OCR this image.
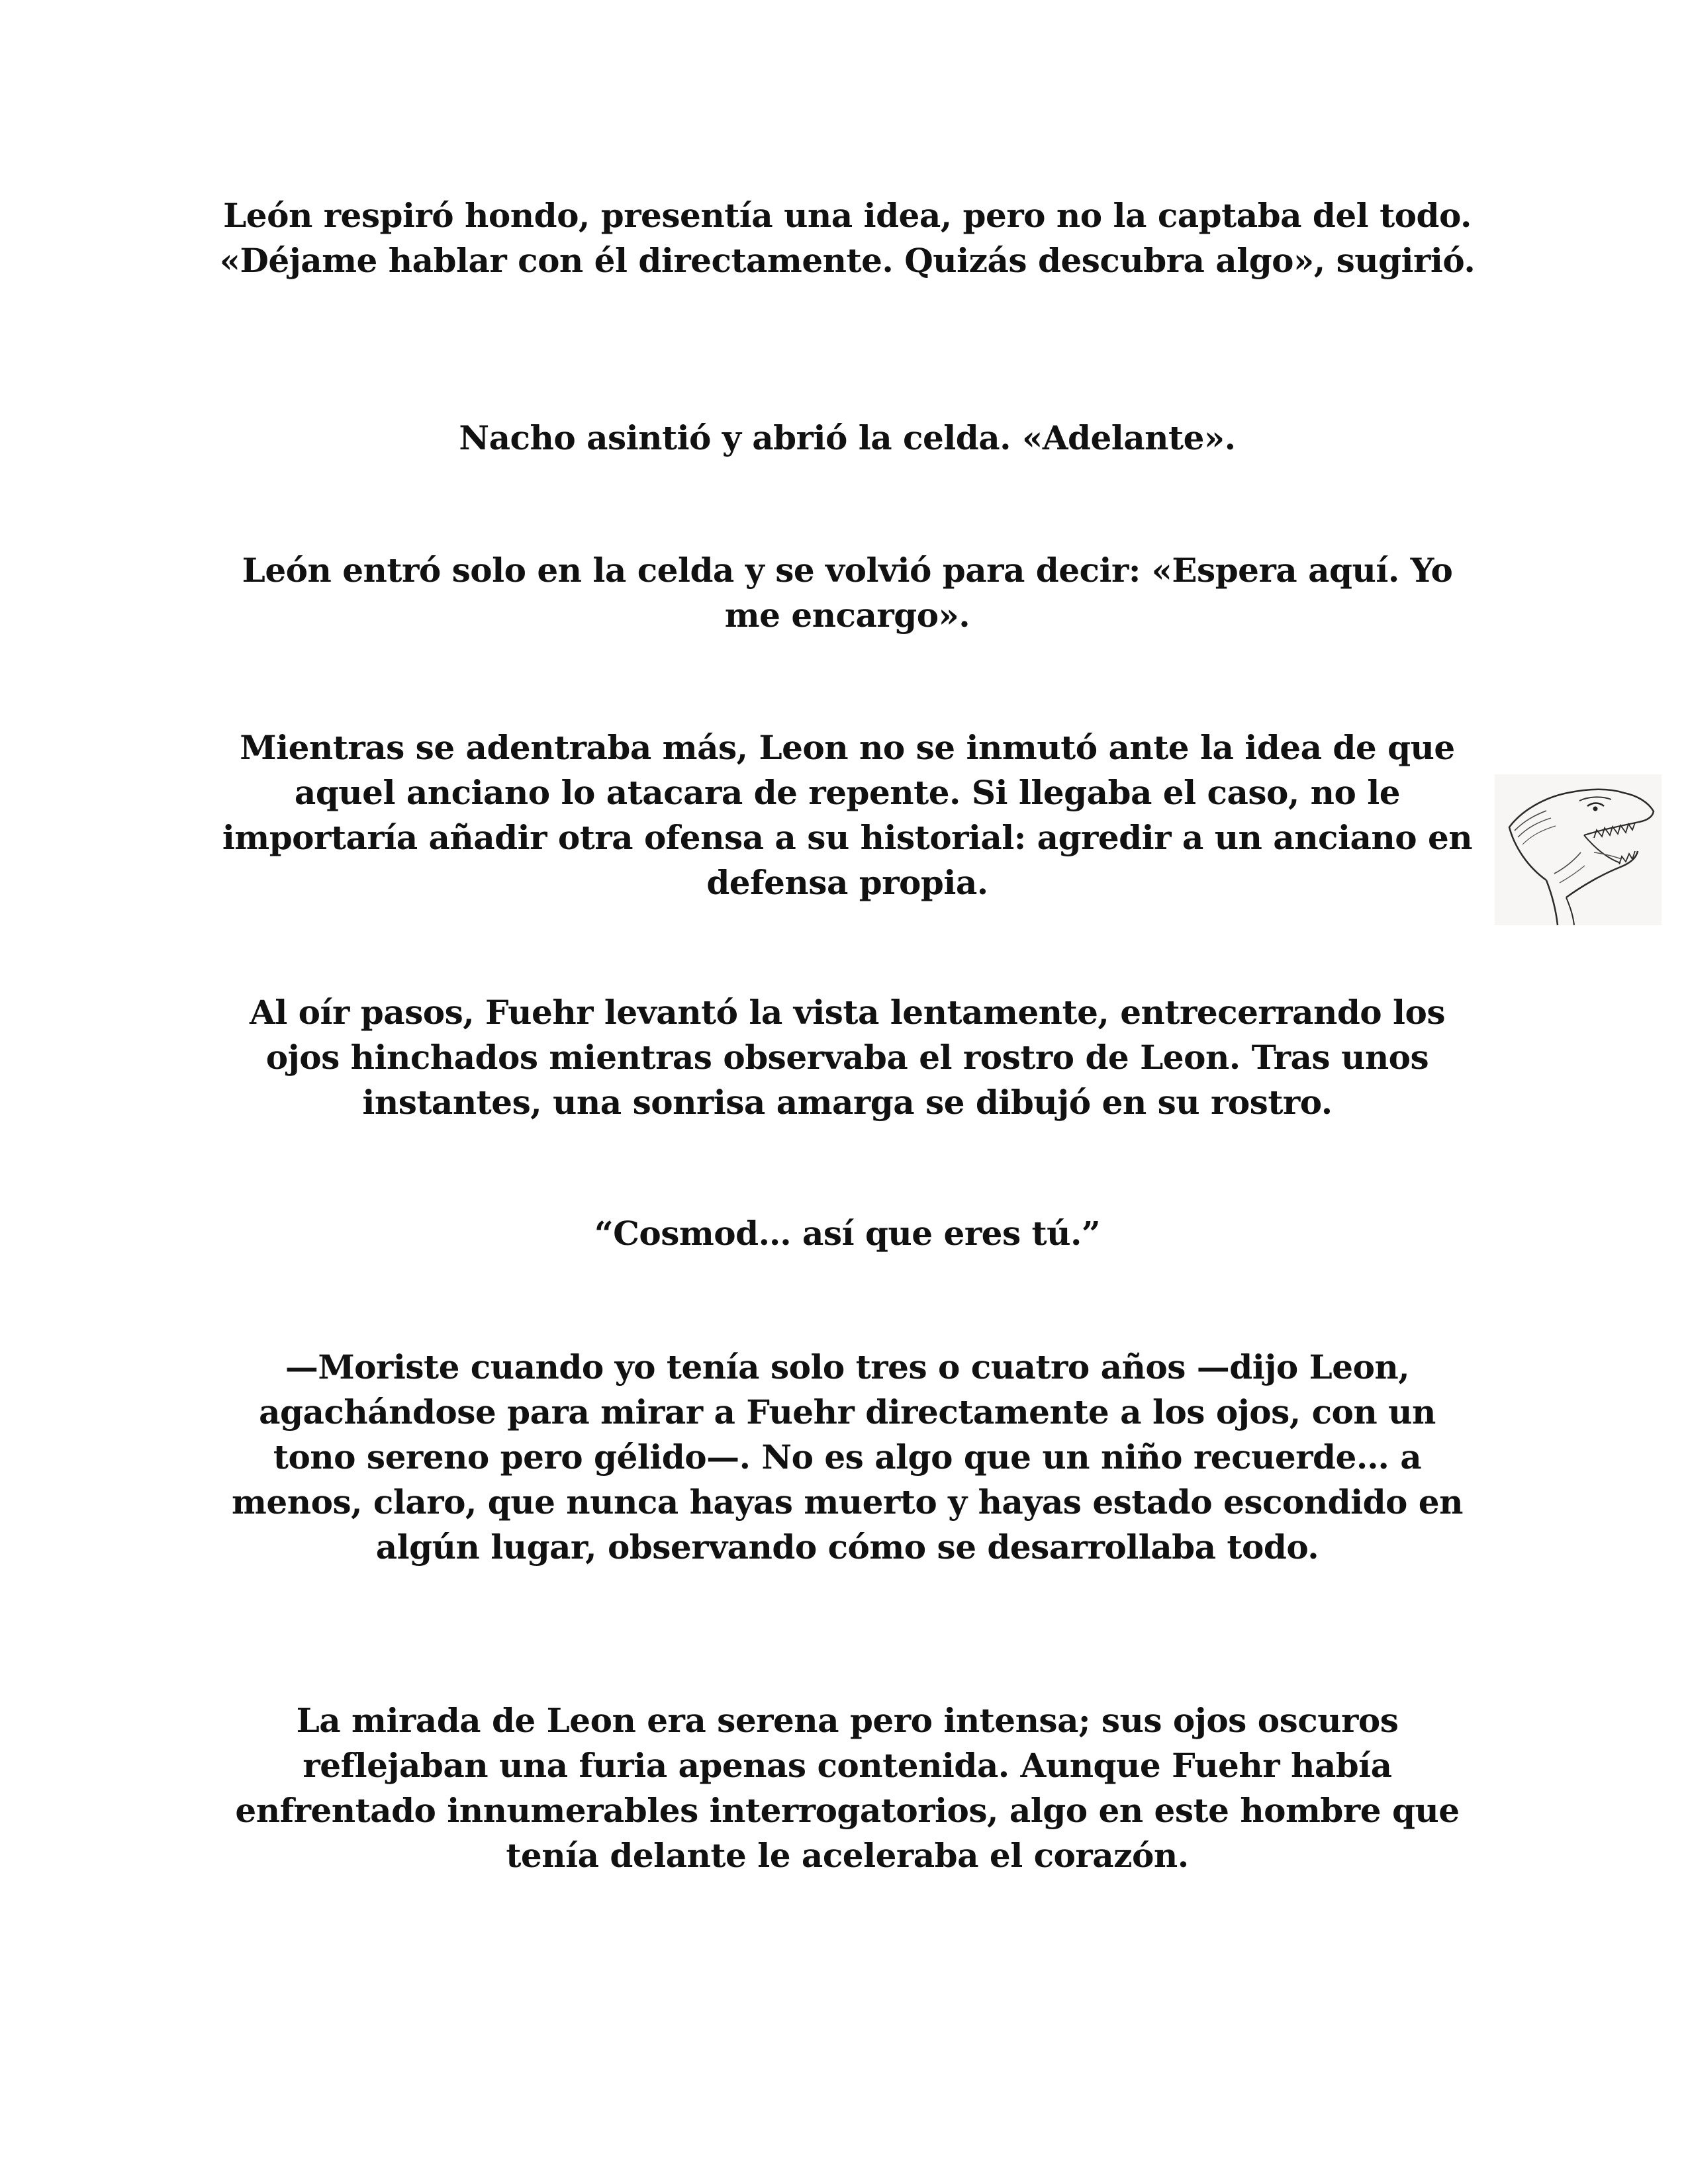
León respiró hondo, presentía una idea, pero no la captaba del todo. «Déjame hablar con él directamente. Quizás descubra algo», sugirió.

Nacho asintió y abrió la celda. «Adelante».

León entró solo en la celda y se volvió para decir: «Espera aquí. Yo me encargo».

Mientras se adentraba más, Leon no se inmutó ante la idea de que aquel anciano lo atacara de repente. Si llegaba el caso, no le importaría añadir otra ofensa a su historial: agredir a un anciano en defensa propia.

Al oír pasos, Fuehr levantó la vista lentamente, entrecerrando los ojos hinchados mientras observaba el rostro de Leon. Tras unos instantes, una sonrisa amarga se dibujó en su rostro.

“Cosmod… así que eres tú.”

—Moriste cuando yo tenía solo tres o cuatro años —dijo Leon, agachándose para mirar a Fuehr directamente a los ojos, con un tono sereno pero gélido—. No es algo que un niño recuerde… a menos, claro, que nunca hayas muerto y hayas estado escondido en algún lugar, observando cómo se desarrollaba todo.

La mirada de Leon era serena pero intensa; sus ojos oscuros reflejaban una furia apenas contenida. Aunque Fuehr había enfrentado innumerables interrogatorios, algo en este hombre que tenía delante le aceleraba el corazón.
